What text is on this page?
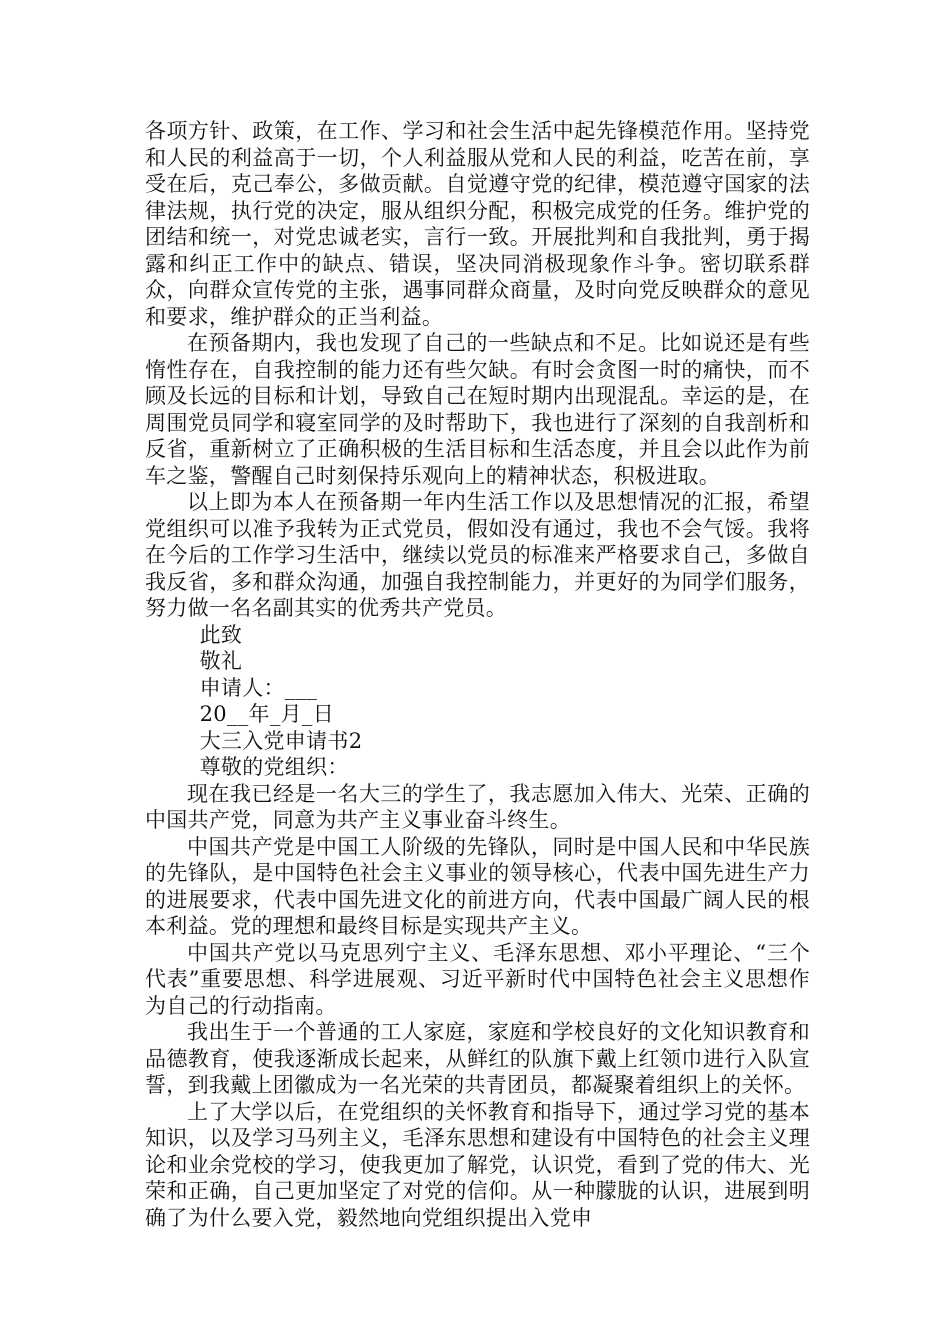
各项方针、政策，在工作、学习和社会生活中起先锋模范作用。坚持党和人民的利益高于一切，个人利益服从党和人民的利益，吃苦在前，享受在后，克己奉公，多做贡献。自觉遵守党的纪律，模范遵守国家的法律法规，执行党的决定，服从组织分配，积极完成党的任务。维护党的团结和统一，对党忠诚老实，言行一致。开展批判和自我批判，勇于揭露和纠正工作中的缺点、错误，坚决同消极现象作斗争。密切联系群众，向群众宣传党的主张，遇事同群众商量，及时向党反映群众的意见和要求，维护群众的正当利益。

在预备期内，我也发现了自己的一些缺点和不足。比如说还是有些惰性存在，自我控制的能力还有些欠缺。有时会贪图一时的痛快，而不顾及长远的目标和计划，导致自己在短时期内出现混乱。幸运的是，在周围党员同学和寝室同学的及时帮助下，我也进行了深刻的自我剖析和反省，重新树立了正确积极的生活目标和生活态度，并且会以此作为前车之鉴，警醒自己时刻保持乐观向上的精神状态，积极进取。

以上即为本人在预备期一年内生活工作以及思想情况的汇报，希望党组织可以准予我转为正式党员，假如没有通过，我也不会气馁。我将在今后的工作学习生活中，继续以党员的标准来严格要求自己，多做自我反省，多和群众沟通，加强自我控制能力，并更好的为同学们服务，努力做一名名副其实的优秀共产党员。

此致

敬礼

申请人：___

20__年_月_日

大三入党申请书2

尊敬的党组织：

现在我已经是一名大三的学生了，我志愿加入伟大、光荣、正确的中国共产党，同意为共产主义事业奋斗终生。

中国共产党是中国工人阶级的先锋队，同时是中国人民和中华民族的先锋队，是中国特色社会主义事业的领导核心，代表中国先进生产力的进展要求，代表中国先进文化的前进方向，代表中国最广阔人民的根本利益。党的理想和最终目标是实现共产主义。

中国共产党以马克思列宁主义、毛泽东思想、邓小平理论、“三个代表”重要思想、科学进展观、习近平新时代中国特色社会主义思想作为自己的行动指南。

我出生于一个普通的工人家庭，家庭和学校良好的文化知识教育和品德教育，使我逐渐成长起来，从鲜红的队旗下戴上红领巾进行入队宣誓，到我戴上团徽成为一名光荣的共青团员，都凝聚着组织上的关怀。

上了大学以后，在党组织的关怀教育和指导下，通过学习党的基本知识，以及学习马列主义，毛泽东思想和建设有中国特色的社会主义理论和业余党校的学习，使我更加了解党，认识党，看到了党的伟大、光荣和正确，自己更加坚定了对党的信仰。从一种朦胧的认识，进展到明确了为什么要入党，毅然地向党组织提出入党申
